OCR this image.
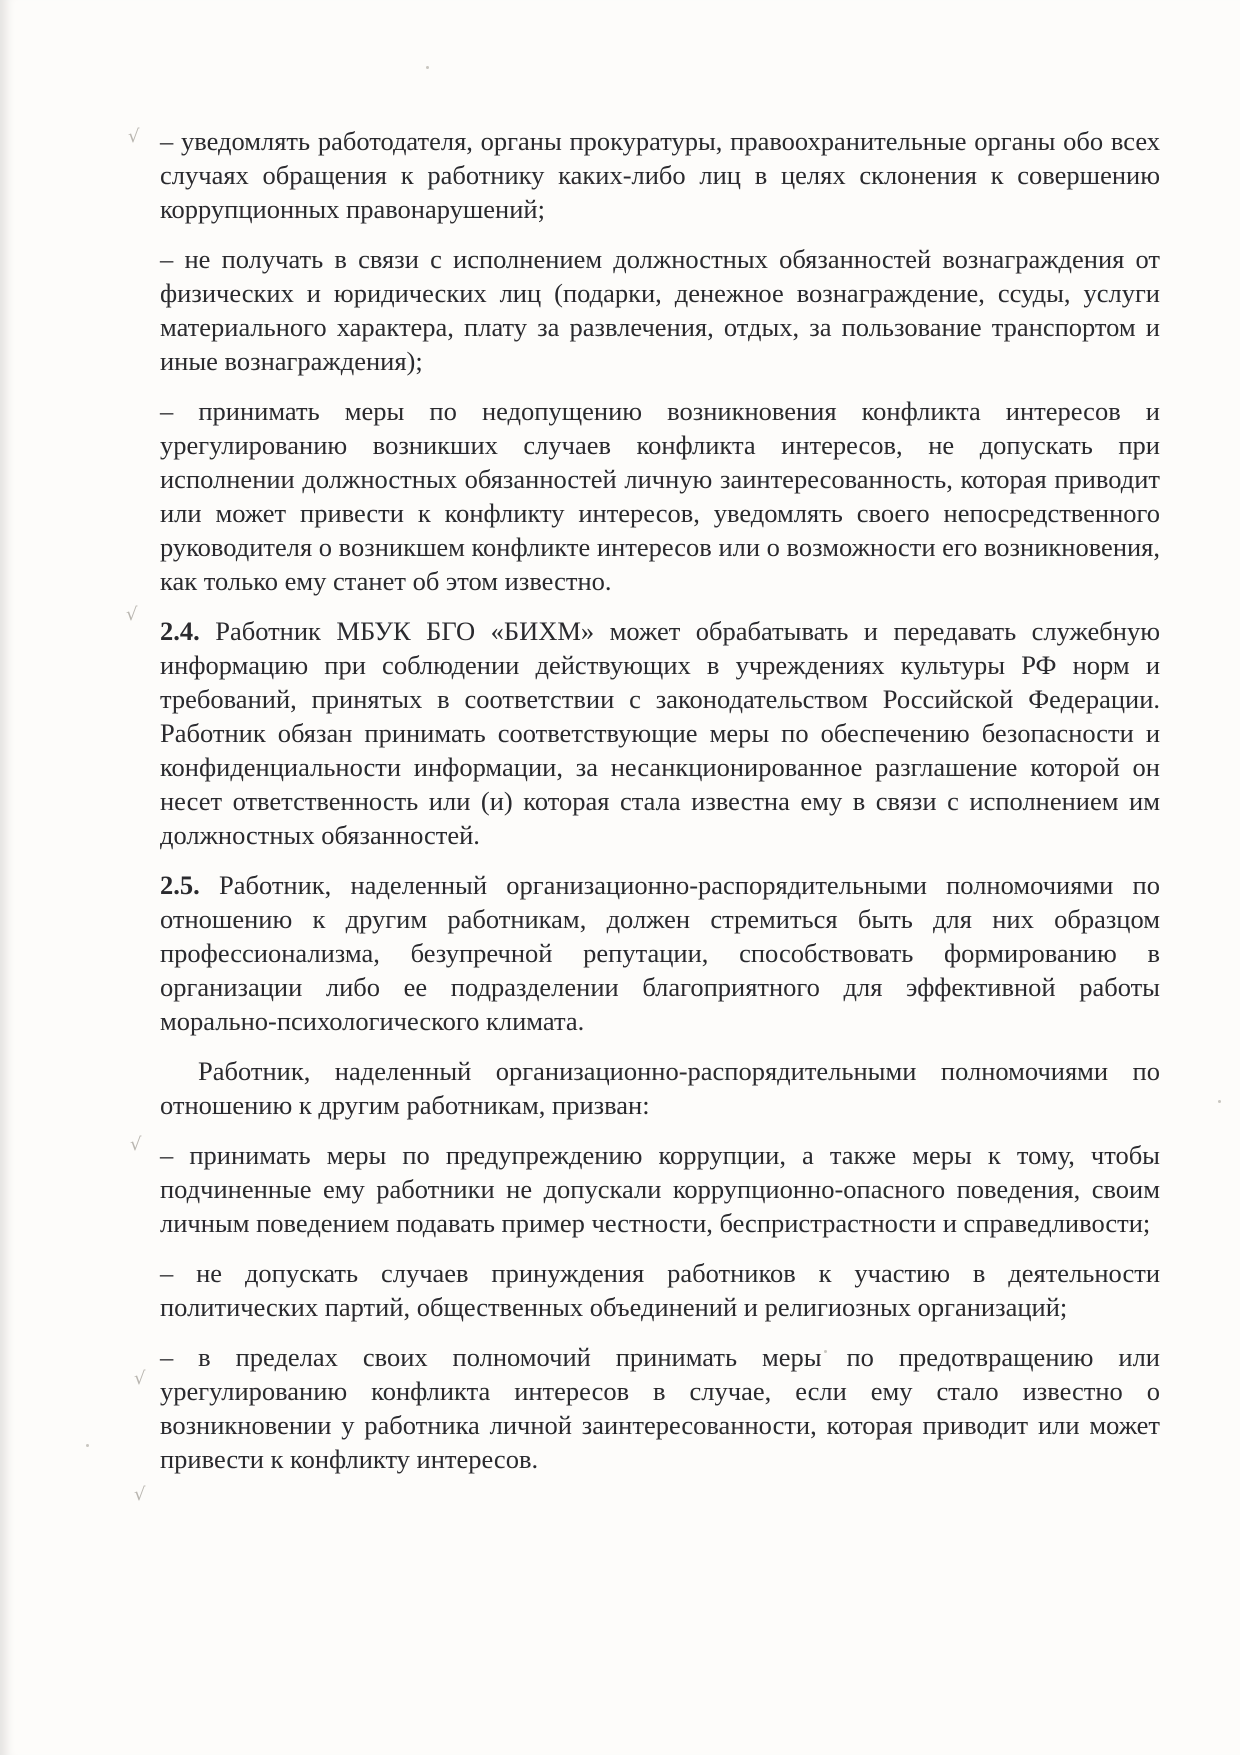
√
√
√
√
√

– уведомлять работодателя, органы прокуратуры, правоохранительные органы обо всех случаях обращения к работнику каких-либо лиц в целях склонения к совершению коррупционных правонарушений;

– не получать в связи с исполнением должностных обязанностей вознаграждения от физических и юридических лиц (подарки, денежное вознаграждение, ссуды, услуги материального характера, плату за развлечения, отдых, за пользование транспортом и иные вознаграждения);

– принимать меры по недопущению возникновения конфликта интересов и урегулированию возникших случаев конфликта интересов, не допускать при исполнении должностных обязанностей личную заинтересованность, которая приводит или может привести к конфликту интересов, уведомлять своего непосредственного руководителя о возникшем конфликте интересов или о возможности его возникновения, как только ему станет об этом известно.

2.4. Работник МБУК БГО «БИХМ» может обрабатывать и передавать служебную информацию при соблюдении действующих в учреждениях культуры РФ норм и требований, принятых в соответствии с законодательством Российской Федерации. Работник обязан принимать соответствующие меры по обеспечению безопасности и конфиденциальности информации, за несанкционированное разглашение которой он несет ответственность или (и) которая стала известна ему в связи с исполнением им должностных обязанностей.

2.5. Работник, наделенный организационно-распорядительными полномочиями по отношению к другим работникам, должен стремиться быть для них образцом профессионализма, безупречной репутации, способствовать формированию в организации либо ее подразделении благоприятного для эффективной работы морально-психологического климата.

Работник, наделенный организационно-распорядительными полномочиями по отношению к другим работникам, призван:

– принимать меры по предупреждению коррупции, а также меры к тому, чтобы подчиненные ему работники не допускали коррупционно-опасного поведения, своим личным поведением подавать пример честности, беспристрастности и справедливости;

– не допускать случаев принуждения работников к участию в деятельности политических партий, общественных объединений и религиозных организаций;

– в пределах своих полномочий принимать меры по предотвращению или урегулированию конфликта интересов в случае, если ему стало известно о возникновении у работника личной заинтересованности, которая приводит или может привести к конфликту интересов.
